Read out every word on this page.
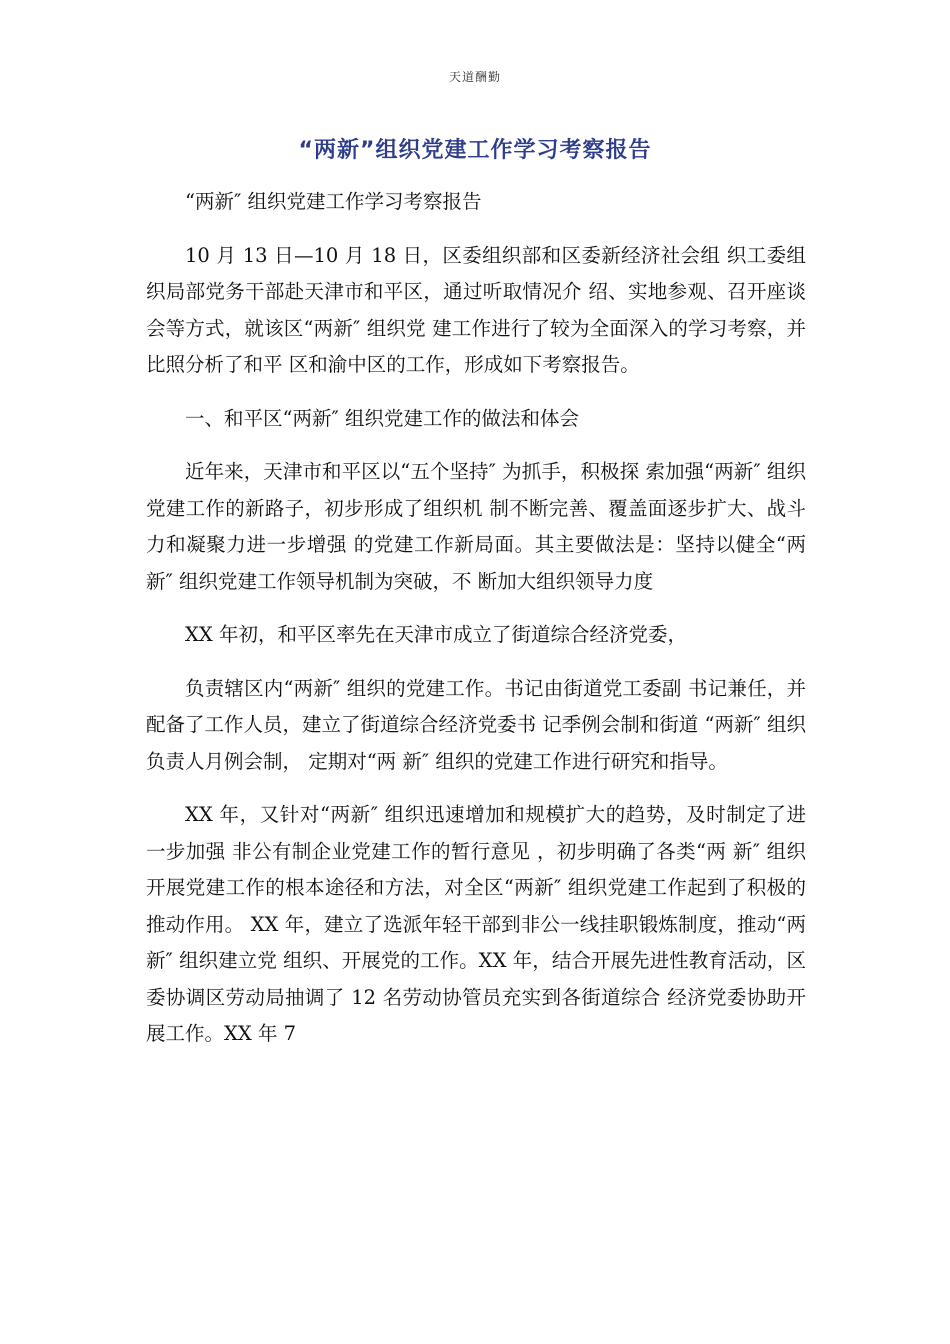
天道酬勤
“两新”组织党建工作学习考察报告

“两新″ 组织党建工作学习考察报告

10 月 13 日—10 月 18 日，区委组织部和区委新经济社会组 织工委组织局部党务干部赴天津市和平区，通过听取情况介 绍、实地参观、召开座谈会等方式，就该区“两新″ 组织党 建工作进行了较为全面深入的学习考察，并比照分析了和平 区和渝中区的工作，形成如下考察报告。

一、和平区“两新″ 组织党建工作的做法和体会

近年来，天津市和平区以“五个坚持″ 为抓手，积极探 索加强“两新″ 组织党建工作的新路子，初步形成了组织机 制不断完善、覆盖面逐步扩大、战斗力和凝聚力进一步增强 的党建工作新局面。其主要做法是：坚持以健全“两新″ 组织党建工作领导机制为突破，不 断加大组织领导力度

XX 年初，和平区率先在天津市成立了街道综合经济党委，

负责辖区内“两新″ 组织的党建工作。书记由街道党工委副 书记兼任，并配备了工作人员，建立了街道综合经济党委书 记季例会制和街道 “两新″ 组织负责人月例会制， 定期对“两 新″ 组织的党建工作进行研究和指导。

XX 年，又针对“两新″ 组织迅速增加和规模扩大的趋势，及时制定了进一步加强 非公有制企业党建工作的暂行意见 ，初步明确了各类“两 新″ 组织开展党建工作的根本途径和方法，对全区“两新″ 组织党建工作起到了积极的推动作用。 XX 年，建立了选派年轻干部到非公一线挂职锻炼制度，推动“两新″ 组织建立党 组织、开展党的工作。XX 年，结合开展先进性教育活动，区 委协调区劳动局抽调了 12 名劳动协管员充实到各街道综合 经济党委协助开展工作。XX 年 7
